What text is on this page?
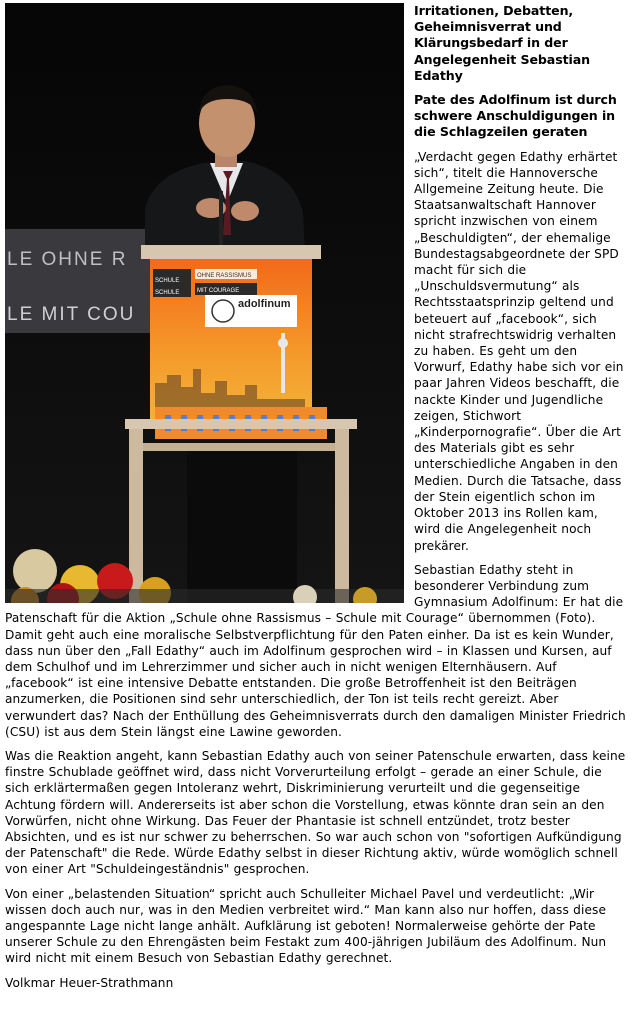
LE OHNE R
LE MIT COU
SCHULE
OHNE RASSISMUS
SCHULE	MIT COURAGE
adolfinum
Irritationen, Debatten, Geheimnisverrat und Klärungsbedarf in der Angelegenheit Sebastian Edathy
Pate des Adolfinum ist durch schwere Anschuldigungen in die Schlagzeilen geraten

„Verdacht gegen Edathy erhärtet sich“, titelt die Hannoversche Allgemeine Zeitung heute. Die Staatsanwaltschaft Hannover spricht inzwischen von einem „Beschuldigten“, der ehemalige Bundestagsabgeordnete der SPD macht für sich die „Unschuldsvermutung“ als Rechtsstaatsprinzip geltend und beteuert auf „facebook“, sich nicht strafrechtswidrig verhalten zu haben. Es geht um den Vorwurf, Edathy habe sich vor ein paar Jahren Videos beschafft, die nackte Kinder und Jugendliche zeigen, Stichwort „Kinderpornografie“. Über die Art des Materials gibt es sehr unterschiedliche Angaben in den Medien. Durch die Tatsache, dass der Stein eigentlich schon im Oktober 2013 ins Rollen kam, wird die Angelegenheit noch prekärer.

Sebastian Edathy steht in besonderer Verbindung zum Gymnasium Adolfinum: Er hat die Patenschaft für die Aktion „Schule ohne Rassismus – Schule mit Courage“ übernommen (Foto). Damit geht auch eine moralische Selbstverpflichtung für den Paten einher. Da ist es kein Wunder, dass nun über den „Fall Edathy“ auch im Adolfinum gesprochen wird – in Klassen und Kursen, auf dem Schulhof und im Lehrerzimmer und sicher auch in nicht wenigen Elternhäusern. Auf „facebook“ ist eine intensive Debatte entstanden. Die große Betroffenheit ist den Beiträgen anzumerken, die Positionen sind sehr unterschiedlich, der Ton ist teils recht gereizt. Aber verwundert das? Nach der Enthüllung des Geheimnisverrats durch den damaligen Minister Friedrich (CSU) ist aus dem Stein längst eine Lawine geworden.

Was die Reaktion angeht, kann Sebastian Edathy auch von seiner Patenschule erwarten, dass keine finstre Schublade geöffnet wird, dass nicht Vorverurteilung erfolgt – gerade an einer Schule, die sich erklärtermaßen gegen Intoleranz wehrt, Diskriminierung verurteilt und die gegenseitige Achtung fördern will. Andererseits ist aber schon die Vorstellung, etwas könnte dran sein an den Vorwürfen, nicht ohne Wirkung. Das Feuer der Phantasie ist schnell entzündet, trotz bester Absichten, und es ist nur schwer zu beherrschen. So war auch schon von "sofortigen Aufkündigung der Patenschaft" die Rede. Würde Edathy selbst in dieser Richtung aktiv, würde womöglich schnell von einer Art "Schuldeingeständnis" gesprochen.

Von einer „belastenden Situation“ spricht auch Schulleiter Michael Pavel und verdeutlicht: „Wir wissen doch auch nur, was in den Medien verbreitet wird.“ Man kann also nur hoffen, dass diese angespannte Lage nicht lange anhält. Aufklärung ist geboten! Normalerweise gehörte der Pate unserer Schule zu den Ehrengästen beim Festakt zum 400-jährigen Jubiläum des Adolfinum. Nun wird nicht mit einem Besuch von Sebastian Edathy gerechnet.

Volkmar Heuer-Strathmann
